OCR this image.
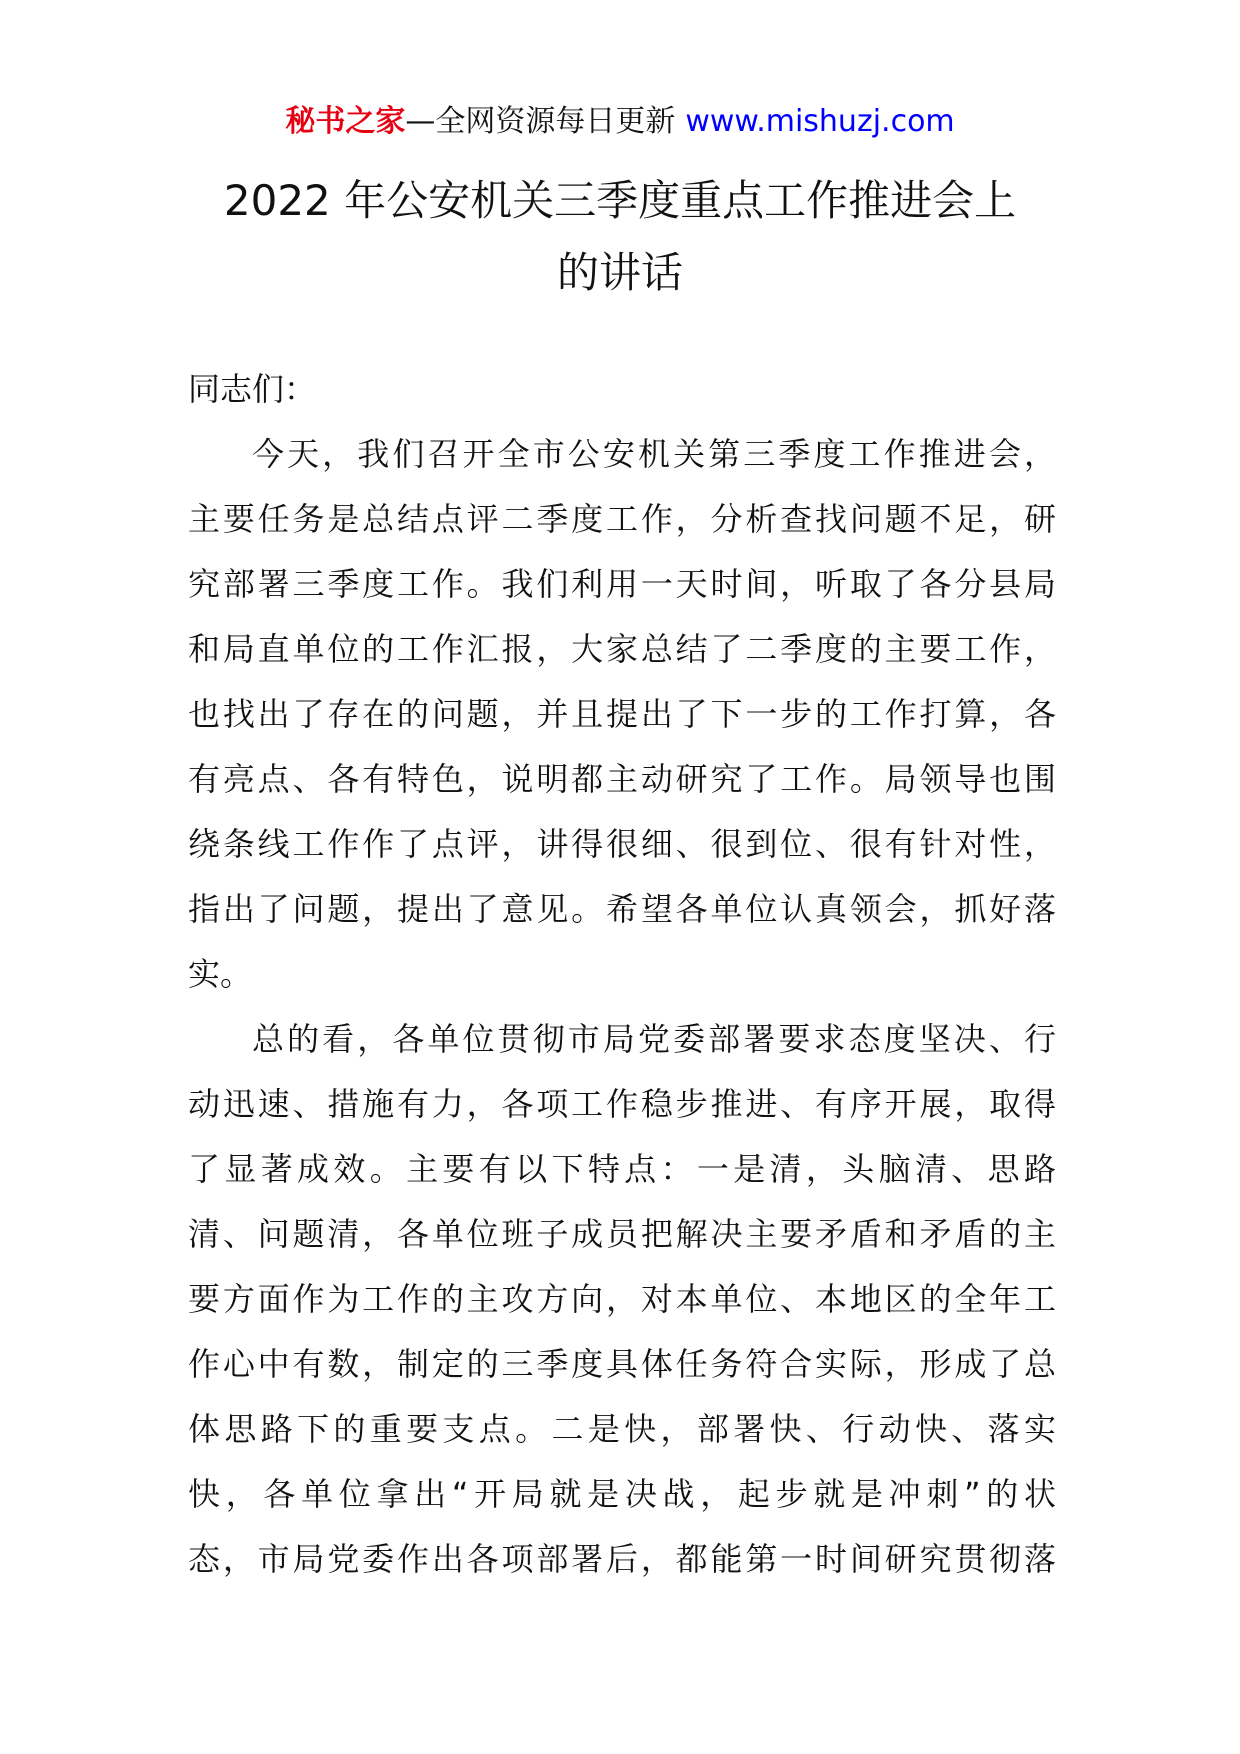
秘书之家—全网资源每日更新 www.mishuzj.com
2022 年公安机关三季度重点工作推进会上
的讲话

同志们：

今天，我们召开全市公安机关第三季度工作推进会，
主要任务是总结点评二季度工作，分析查找问题不足，研
究部署三季度工作。我们利用一天时间，听取了各分县局
和局直单位的工作汇报，大家总结了二季度的主要工作，
也找出了存在的问题，并且提出了下一步的工作打算，各
有亮点、各有特色，说明都主动研究了工作。局领导也围
绕条线工作作了点评，讲得很细、很到位、很有针对性，
指出了问题，提出了意见。希望各单位认真领会，抓好落
实。
总的看，各单位贯彻市局党委部署要求态度坚决、行
动迅速、措施有力，各项工作稳步推进、有序开展，取得
了显著成效。主要有以下特点：一是清，头脑清、思路
清、问题清，各单位班子成员把解决主要矛盾和矛盾的主
要方面作为工作的主攻方向，对本单位、本地区的全年工
作心中有数，制定的三季度具体任务符合实际，形成了总
体思路下的重要支点。二是快，部署快、行动快、落实
快，各单位拿出“开局就是决战，起步就是冲刺”的状
态，市局党委作出各项部署后，都能第一时间研究贯彻落
